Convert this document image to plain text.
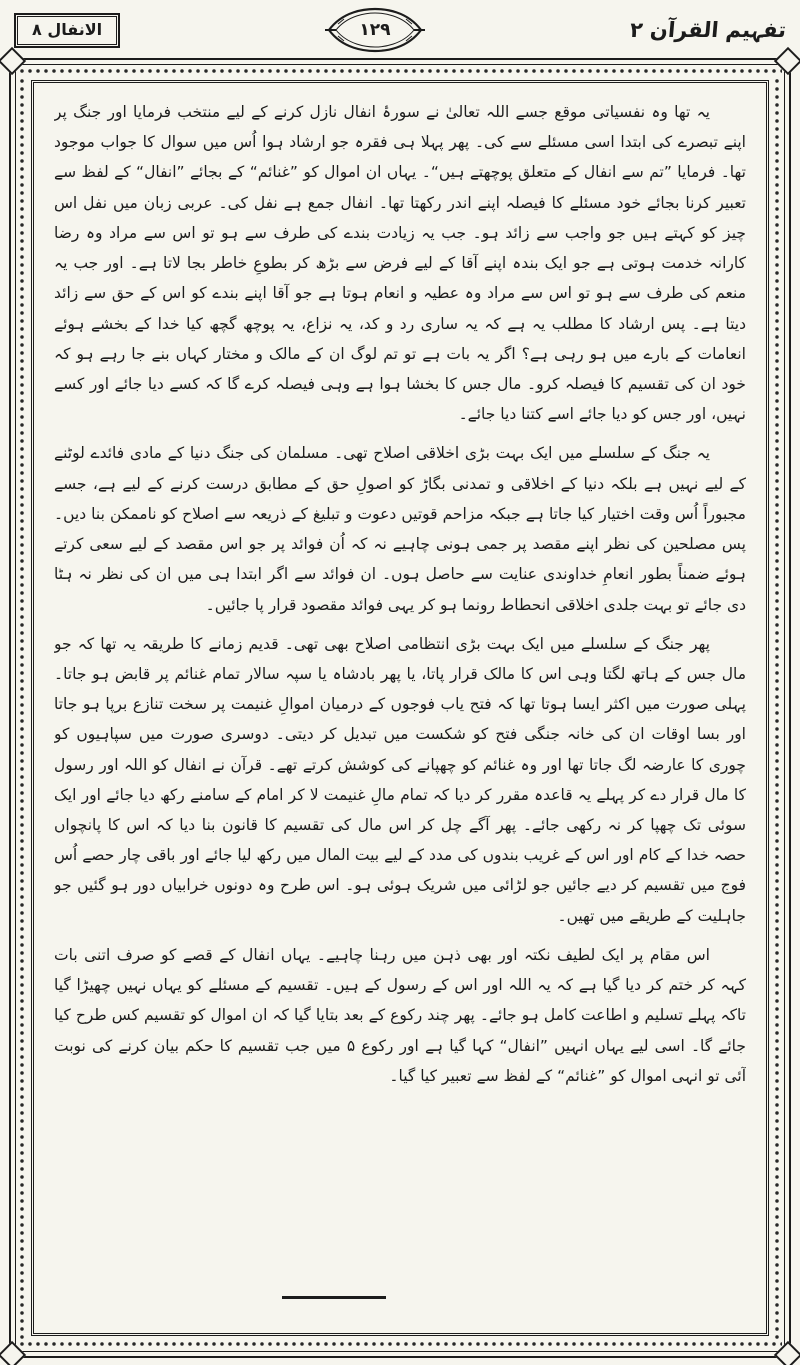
تفہیم القرآن ۲
۱۲۹
الانفال ۸

یہ تھا وہ نفسیاتی موقع جسے اللہ تعالیٰ نے سورۂ انفال نازل کرنے کے لیے منتخب فرمایا اور جنگ پر اپنے تبصرے کی ابتدا اسی مسئلے سے کی۔ پھر پہلا ہی فقرہ جو ارشاد ہوا اُس میں سوال کا جواب موجود تھا۔ فرمایا ”تم سے انفال کے متعلق پوچھتے ہیں“۔ یہاں ان اموال کو ”غنائم“ کے بجائے ”انفال“ کے لفظ سے تعبیر کرنا بجائے خود مسئلے کا فیصلہ اپنے اندر رکھتا تھا۔ انفال جمع ہے نفل کی۔ عربی زبان میں نفل اس چیز کو کہتے ہیں جو واجب سے زائد ہو۔ جب یہ زیادت بندے کی طرف سے ہو تو اس سے مراد وہ رضا کارانہ خدمت ہوتی ہے جو ایک بندہ اپنے آقا کے لیے فرض سے بڑھ کر بطوعِ خاطر بجا لاتا ہے۔ اور جب یہ منعم کی طرف سے ہو تو اس سے مراد وہ عطیہ و انعام ہوتا ہے جو آقا اپنے بندے کو اس کے حق سے زائد دیتا ہے۔ پس ارشاد کا مطلب یہ ہے کہ یہ ساری رد و کد، یہ نزاع، یہ پوچھ گچھ کیا خدا کے بخشے ہوئے انعامات کے بارے میں ہو رہی ہے؟ اگر یہ بات ہے تو تم لوگ ان کے مالک و مختار کہاں بنے جا رہے ہو کہ خود ان کی تقسیم کا فیصلہ کرو۔ مال جس کا بخشا ہوا ہے وہی فیصلہ کرے گا کہ کسے دیا جائے اور کسے نہیں، اور جس کو دیا جائے اسے کتنا دیا جائے۔

یہ جنگ کے سلسلے میں ایک بہت بڑی اخلاقی اصلاح تھی۔ مسلمان کی جنگ دنیا کے مادی فائدے لوٹنے کے لیے نہیں ہے بلکہ دنیا کے اخلاقی و تمدنی بگاڑ کو اصولِ حق کے مطابق درست کرنے کے لیے ہے، جسے مجبوراً اُس وقت اختیار کیا جاتا ہے جبکہ مزاحم قوتیں دعوت و تبلیغ کے ذریعہ سے اصلاح کو ناممکن بنا دیں۔ پس مصلحین کی نظر اپنے مقصد پر جمی ہونی چاہیے نہ کہ اُن فوائد پر جو اس مقصد کے لیے سعی کرتے ہوئے ضمناً بطور انعامِ خداوندی عنایت سے حاصل ہوں۔ ان فوائد سے اگر ابتدا ہی میں ان کی نظر نہ ہٹا دی جائے تو بہت جلدی اخلاقی انحطاط رونما ہو کر یہی فوائد مقصود قرار پا جائیں۔

پھر جنگ کے سلسلے میں ایک بہت بڑی انتظامی اصلاح بھی تھی۔ قدیم زمانے کا طریقہ یہ تھا کہ جو مال جس کے ہاتھ لگتا وہی اس کا مالک قرار پاتا، یا پھر بادشاہ یا سپہ سالار تمام غنائم پر قابض ہو جاتا۔ پہلی صورت میں اکثر ایسا ہوتا تھا کہ فتح یاب فوجوں کے درمیان اموالِ غنیمت پر سخت تنازع برپا ہو جاتا اور بسا اوقات ان کی خانہ جنگی فتح کو شکست میں تبدیل کر دیتی۔ دوسری صورت میں سپاہیوں کو چوری کا عارضہ لگ جاتا تھا اور وہ غنائم کو چھپانے کی کوشش کرتے تھے۔ قرآن نے انفال کو اللہ اور رسول کا مال قرار دے کر پہلے یہ قاعدہ مقرر کر دیا کہ تمام مالِ غنیمت لا کر امام کے سامنے رکھ دیا جائے اور ایک سوئی تک چھپا کر نہ رکھی جائے۔ پھر آگے چل کر اس مال کی تقسیم کا قانون بنا دیا کہ اس کا پانچواں حصہ خدا کے کام اور اس کے غریب بندوں کی مدد کے لیے بیت المال میں رکھ لیا جائے اور باقی چار حصے اُس فوج میں تقسیم کر دیے جائیں جو لڑائی میں شریک ہوئی ہو۔ اس طرح وہ دونوں خرابیاں دور ہو گئیں جو جاہلیت کے طریقے میں تھیں۔

اس مقام پر ایک لطیف نکتہ اور بھی ذہن میں رہنا چاہیے۔ یہاں انفال کے قصے کو صرف اتنی بات کہہ کر ختم کر دیا گیا ہے کہ یہ اللہ اور اس کے رسول کے ہیں۔ تقسیم کے مسئلے کو یہاں نہیں چھیڑا گیا تاکہ پہلے تسلیم و اطاعت کامل ہو جائے۔ پھر چند رکوع کے بعد بتایا گیا کہ ان اموال کو تقسیم کس طرح کیا جائے گا۔ اسی لیے یہاں انہیں ”انفال“ کہا گیا ہے اور رکوع ۵ میں جب تقسیم کا حکم بیان کرنے کی نوبت آئی تو انہی اموال کو ”غنائم“ کے لفظ سے تعبیر کیا گیا۔
